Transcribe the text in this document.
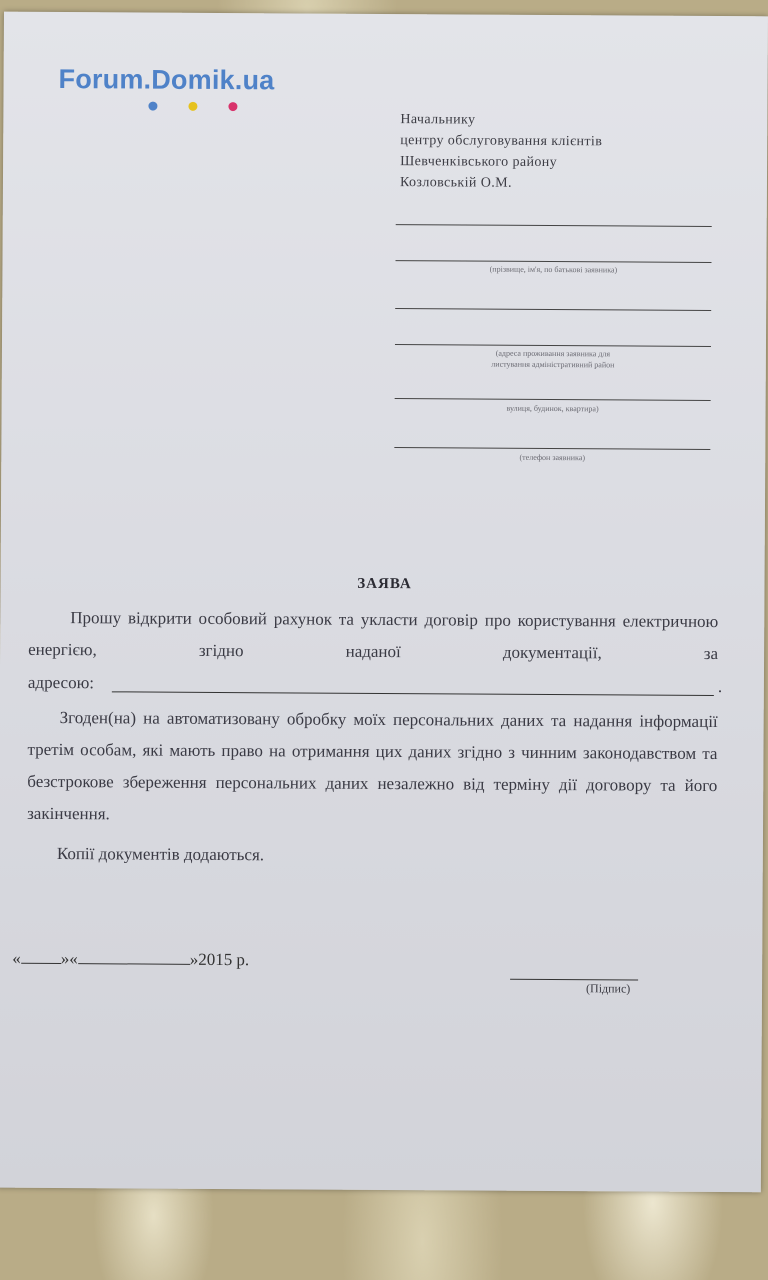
Forum.Domik.ua
Начальнику
центру обслуговування клієнтів
Шевченківського району
Козловській О.М.
(прізвище, ім'я, по батькові заявника)
(адреса проживання заявника для
листування адміністративний район
вулиця, будинок, квартира)
(телефон заявника)
ЗАЯВА
Прошу відкрити особовий рахунок та укласти договір про користування електричною енергією, згідно наданої документації, за
адресою:	.
Згоден(на) на автоматизовану обробку моїх персональних даних та надання інформації третім особам, які мають право на отримання цих даних згідно з чинним законодавством та безстрокове збереження персональних даних незалежно від терміну дії договору та його закінчення.
Копії документів додаються.
« »«	»2015 р.
(Підпис)
